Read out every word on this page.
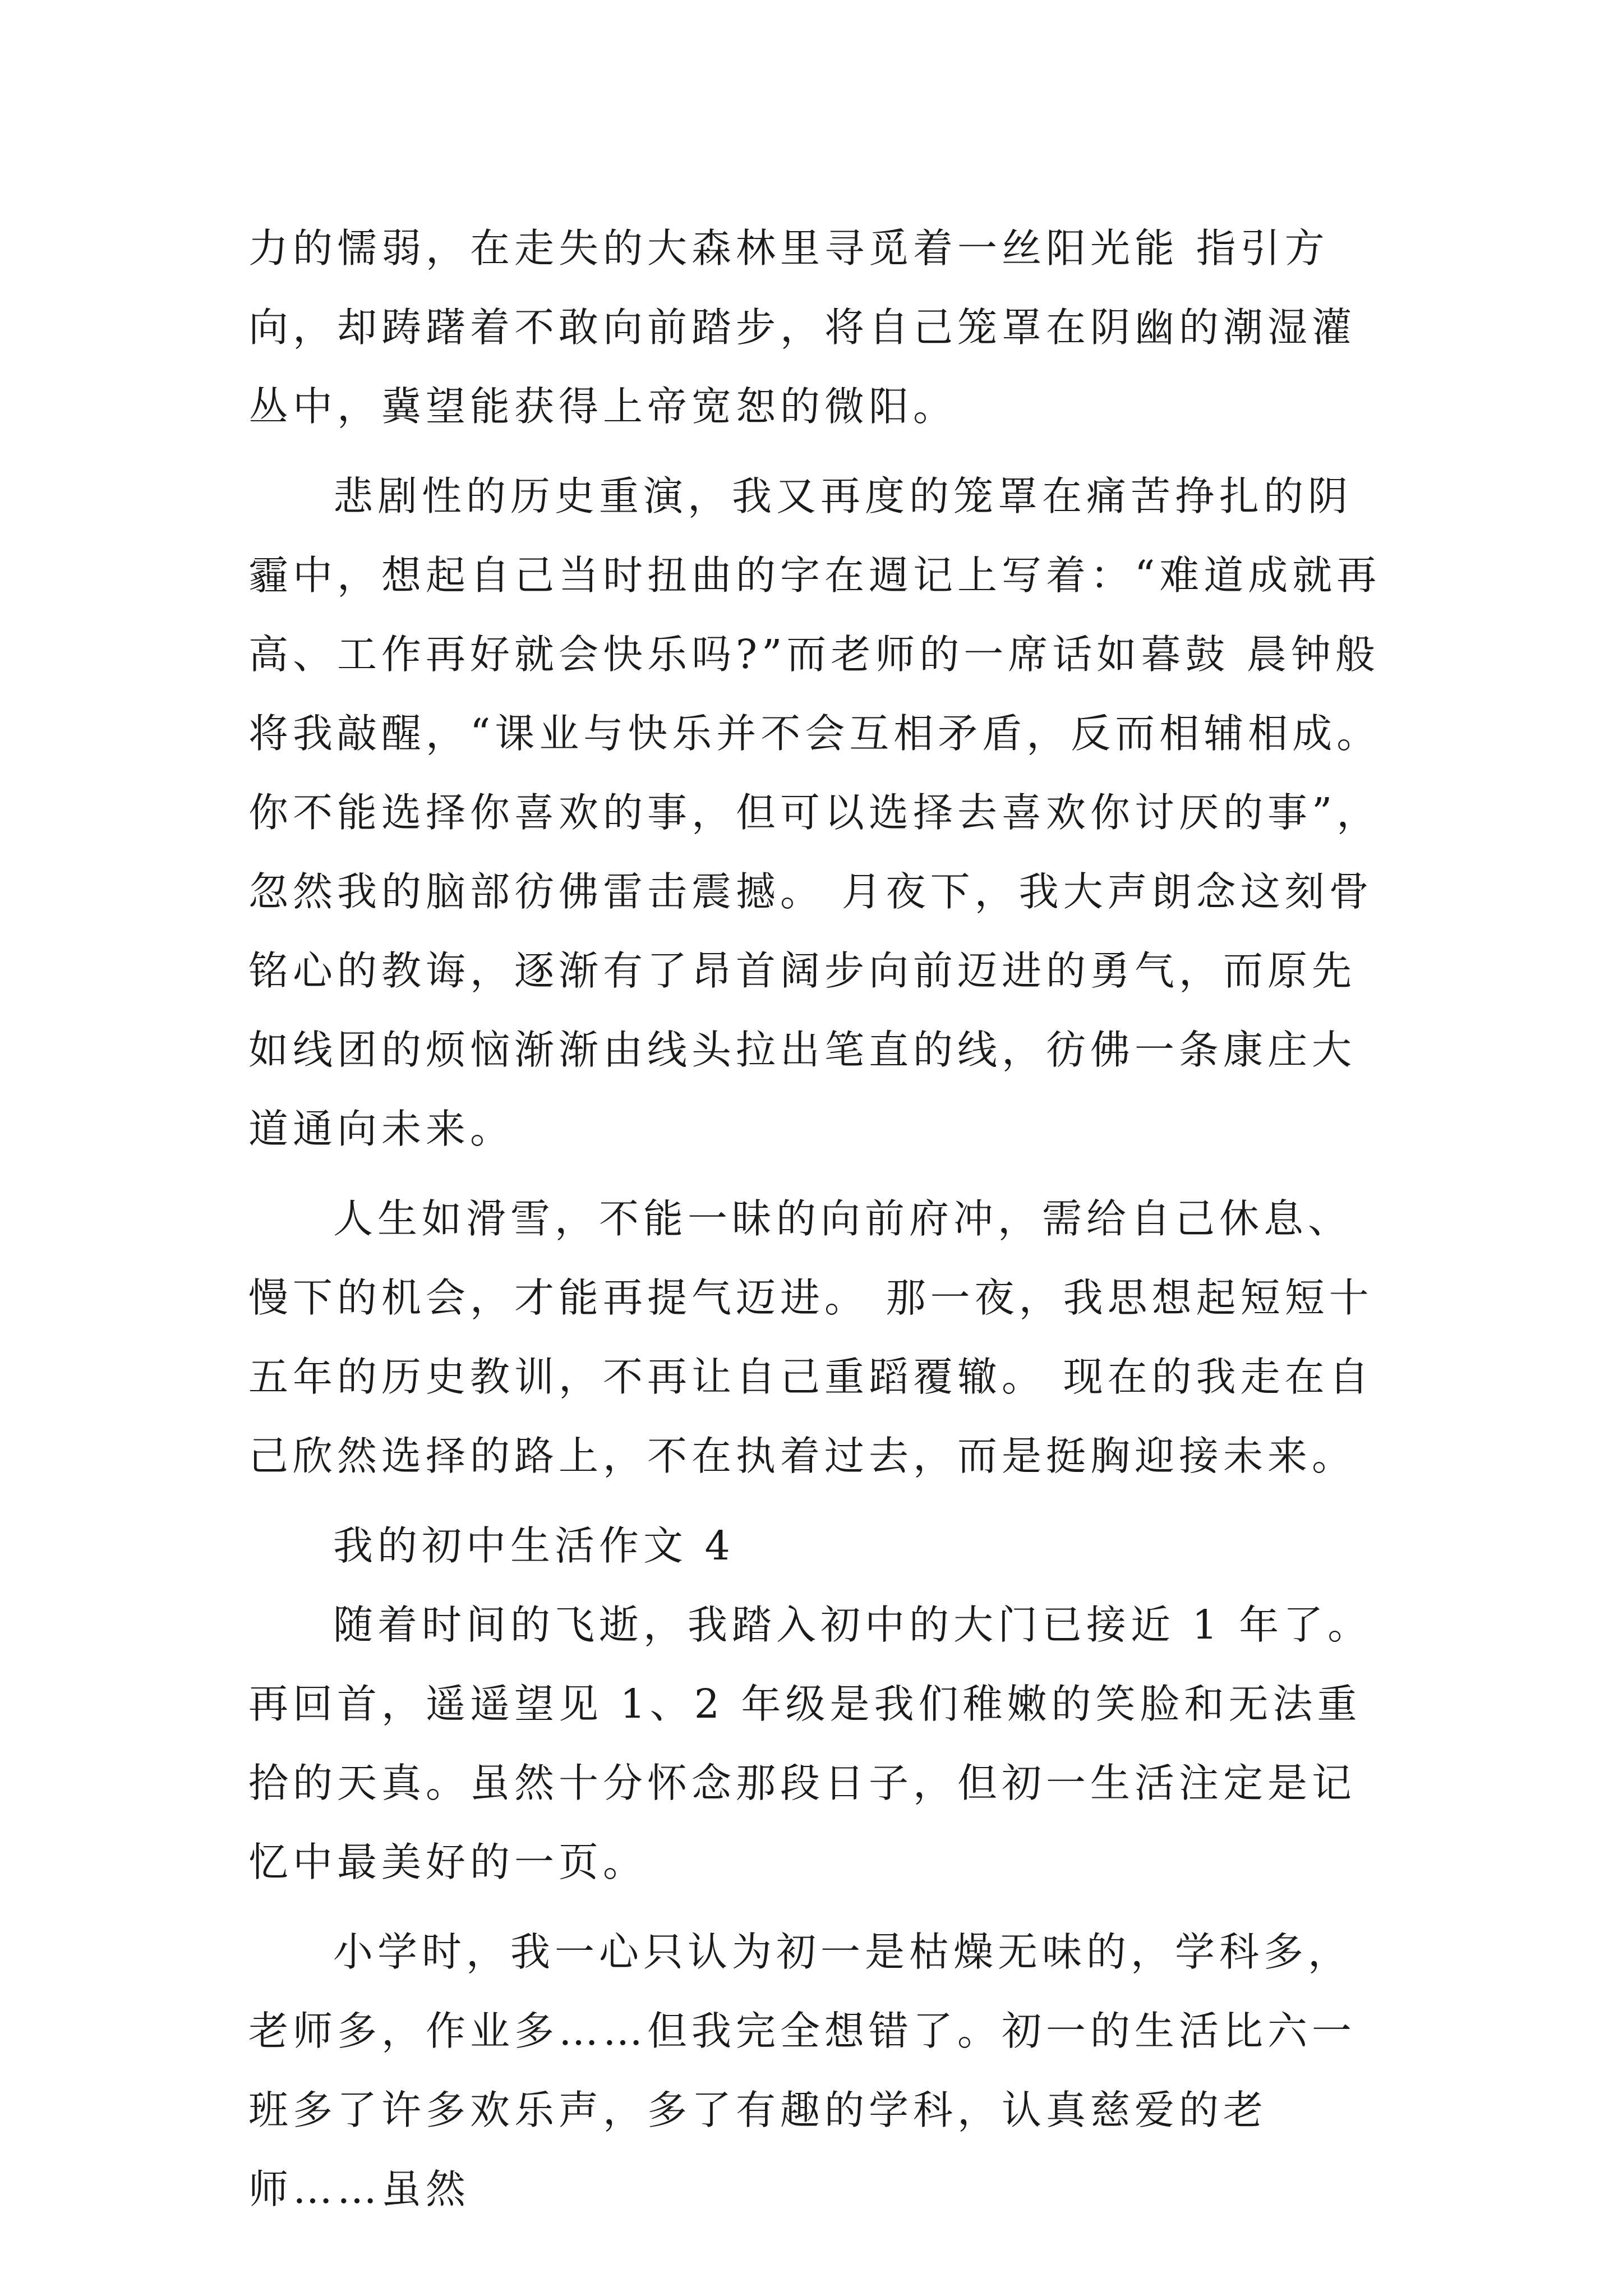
力的懦弱，在走失的大森林里寻觅着一丝阳光能 指引方向，却踌躇着不敢向前踏步，将自己笼罩在阴幽的潮湿灌丛中，冀望能获得上帝宽恕的微阳。

悲剧性的历史重演，我又再度的笼罩在痛苦挣扎的阴霾中，想起自己当时扭曲的字在週记上写着：“难道成就再高、工作再好就会快乐吗?”而老师的一席话如暮鼓 晨钟般将我敲醒，“课业与快乐并不会互相矛盾，反而相辅相成。你不能选择你喜欢的事，但可以选择去喜欢你讨厌的事”，忽然我的脑部彷佛雷击震撼。 月夜下，我大声朗念这刻骨铭心的教诲，逐渐有了昂首阔步向前迈进的勇气，而原先如线团的烦恼渐渐由线头拉出笔直的线，彷佛一条康庄大道通向未来。

人生如滑雪，不能一昧的向前府冲，需给自己休息、慢下的机会，才能再提气迈进。 那一夜，我思想起短短十五年的历史教训，不再让自己重蹈覆辙。 现在的我走在自己欣然选择的路上，不在执着过去，而是挺胸迎接未来。

我的初中生活作文 4

随着时间的飞逝，我踏入初中的大门已接近 1 年了。再回首，遥遥望见 1、2 年级是我们稚嫩的笑脸和无法重拾的天真。虽然十分怀念那段日子，但初一生活注定是记忆中最美好的一页。

小学时，我一心只认为初一是枯燥无味的，学科多，老师多，作业多……但我完全想错了。初一的生活比六一班多了许多欢乐声，多了有趣的学科，认真慈爱的老师……虽然
